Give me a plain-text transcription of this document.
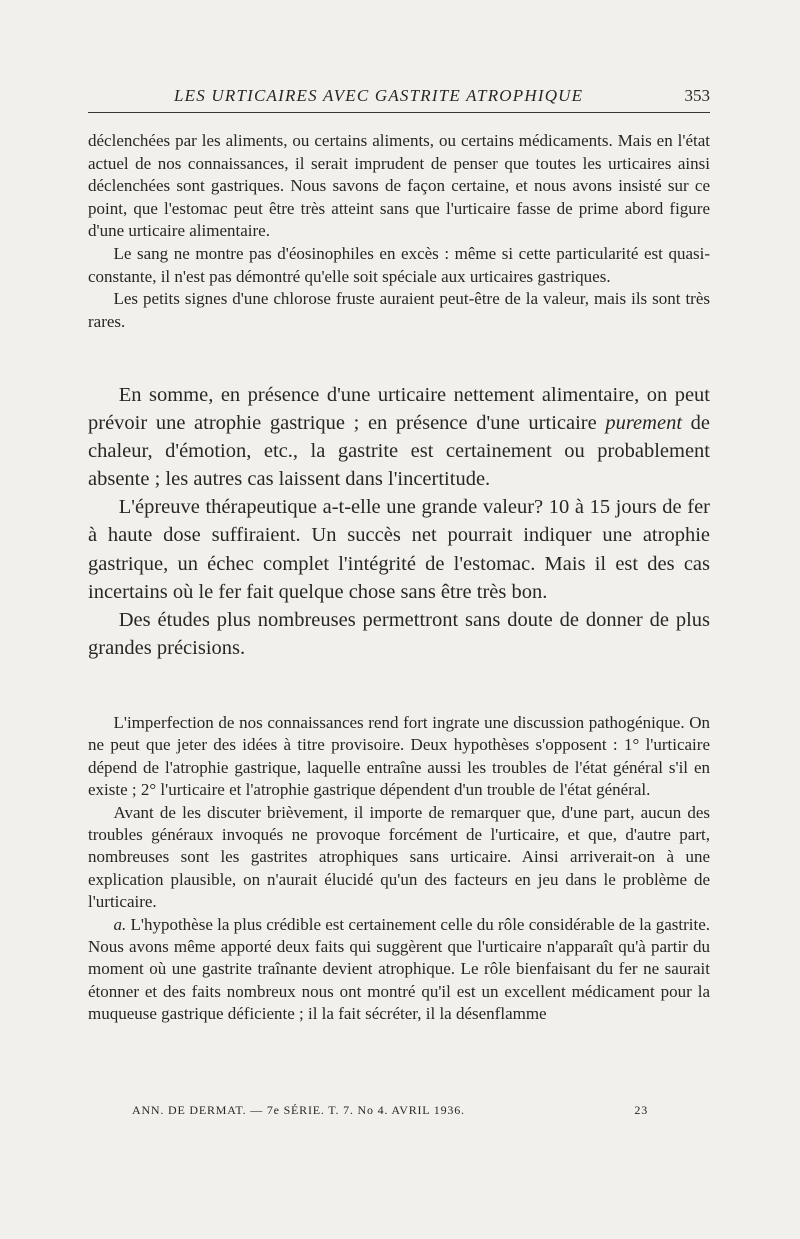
LES URTICAIRES AVEC GASTRITE ATROPHIQUE	353

déclenchées par les aliments, ou certains aliments, ou certains médicaments. Mais en l'état actuel de nos connaissances, il serait imprudent de penser que toutes les urticaires ainsi déclenchées sont gastriques. Nous savons de façon certaine, et nous avons insisté sur ce point, que l'estomac peut être très atteint sans que l'urticaire fasse de prime abord figure d'une urticaire alimentaire.

Le sang ne montre pas d'éosinophiles en excès : même si cette particularité est quasi-constante, il n'est pas démontré qu'elle soit spéciale aux urticaires gastriques.

Les petits signes d'une chlorose fruste auraient peut-être de la valeur, mais ils sont très rares.

En somme, en présence d'une urticaire nettement alimentaire, on peut prévoir une atrophie gastrique ; en présence d'une urticaire purement de chaleur, d'émotion, etc., la gastrite est certainement ou probablement absente ; les autres cas laissent dans l'incertitude.

L'épreuve thérapeutique a-t-elle une grande valeur? 10 à 15 jours de fer à haute dose suffiraient. Un succès net pourrait indiquer une atrophie gastrique, un échec complet l'intégrité de l'estomac. Mais il est des cas incertains où le fer fait quelque chose sans être très bon.

Des études plus nombreuses permettront sans doute de donner de plus grandes précisions.

L'imperfection de nos connaissances rend fort ingrate une discussion pathogénique. On ne peut que jeter des idées à titre provisoire. Deux hypothèses s'opposent : 1° l'urticaire dépend de l'atrophie gastrique, laquelle entraîne aussi les troubles de l'état général s'il en existe ; 2° l'urticaire et l'atrophie gastrique dépendent d'un trouble de l'état général.

Avant de les discuter brièvement, il importe de remarquer que, d'une part, aucun des troubles généraux invoqués ne provoque forcément de l'urticaire, et que, d'autre part, nombreuses sont les gastrites atrophiques sans urticaire. Ainsi arriverait-on à une explication plausible, on n'aurait élucidé qu'un des facteurs en jeu dans le problème de l'urticaire.

a. L'hypothèse la plus crédible est certainement celle du rôle considérable de la gastrite. Nous avons même apporté deux faits qui suggèrent que l'urticaire n'apparaît qu'à partir du moment où une gastrite traînante devient atrophique. Le rôle bienfaisant du fer ne saurait étonner et des faits nombreux nous ont montré qu'il est un excellent médicament pour la muqueuse gastrique déficiente ; il la fait sécréter, il la désenflamme

ANN. DE DERMAT. — 7e SÉRIE. T. 7. No 4. AVRIL 1936.	23
